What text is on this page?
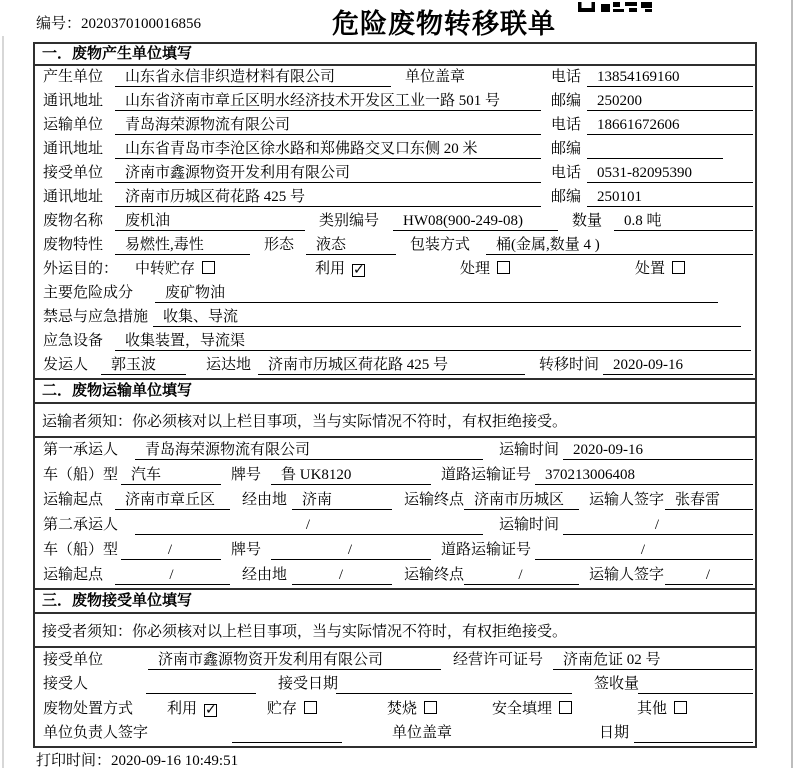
编号：2020370100016856	危险废物转移联单
一．废物产生单位填写
产生单位	山东省永信非织造材料有限公司	单位盖章	电话	13854169160
通讯地址	山东省济南市章丘区明水经济技术开发区工业一路 501 号	邮编	250200
运输单位	青岛海荣源物流有限公司	电话	18661672606
通讯地址	山东省青岛市李沧区徐水路和郑佛路交叉口东侧 20 米	邮编
接受单位	济南市鑫源物资开发利用有限公司	电话	0531-82095390
通讯地址	济南市历城区荷花路 425 号	邮编	250101
废物名称	废机油	类别编号	HW08(900-249-08)	数量	0.8 吨
废物特性	易燃性,毒性	形态	液态	包装方式	桶(金属,数量 4 )
外运目的：	中转贮存	利用 ✓	处理	处置
主要危险成分	废矿物油
禁忌与应急措施 收集、导流
应急设备	收集装置，导流渠
发运人	郭玉波	运达地	济南市历城区荷花路 425 号	转移时间 2020-09-16
二．废物运输单位填写
运输者须知：你必须核对以上栏目事项，当与实际情况不符时，有权拒绝接受。
第一承运人	青岛海荣源物流有限公司	运输时间 2020-09-16
车（船）型 汽车	牌号	鲁 UK8120	道路运输证号 370213006408
运输起点	济南市章丘区	经由地 济南	运输终点 济南市历城区	运输人签字 张春雷
第二承运人	/	运输时间	/
车（船）型	/	牌号	/	道路运输证号	/
运输起点	/	经由地	/	运输终点	/	运输人签字	/
三．废物接受单位填写
接受者须知：你必须核对以上栏目事项，当与实际情况不符时，有权拒绝接受。
接受单位	济南市鑫源物资开发利用有限公司	经营许可证号	济南危证 02 号
接受人	接受日期	签收量
废物处置方式	利用 ✓	贮存	焚烧	安全填埋	其他
单位负责人签字	单位盖章	日期
打印时间：2020-09-16 10:49:51
